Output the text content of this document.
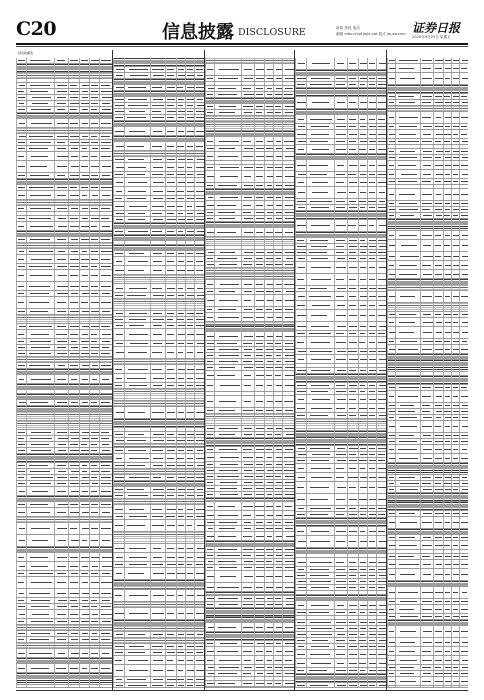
C20	信息披露 DISCLOSURE	新闻 热线 电话
邮箱 mbs-ch(at)bjts.net 版式 jw-xw.com 证券日报
2020年9月25日 星期五
信息披露表
